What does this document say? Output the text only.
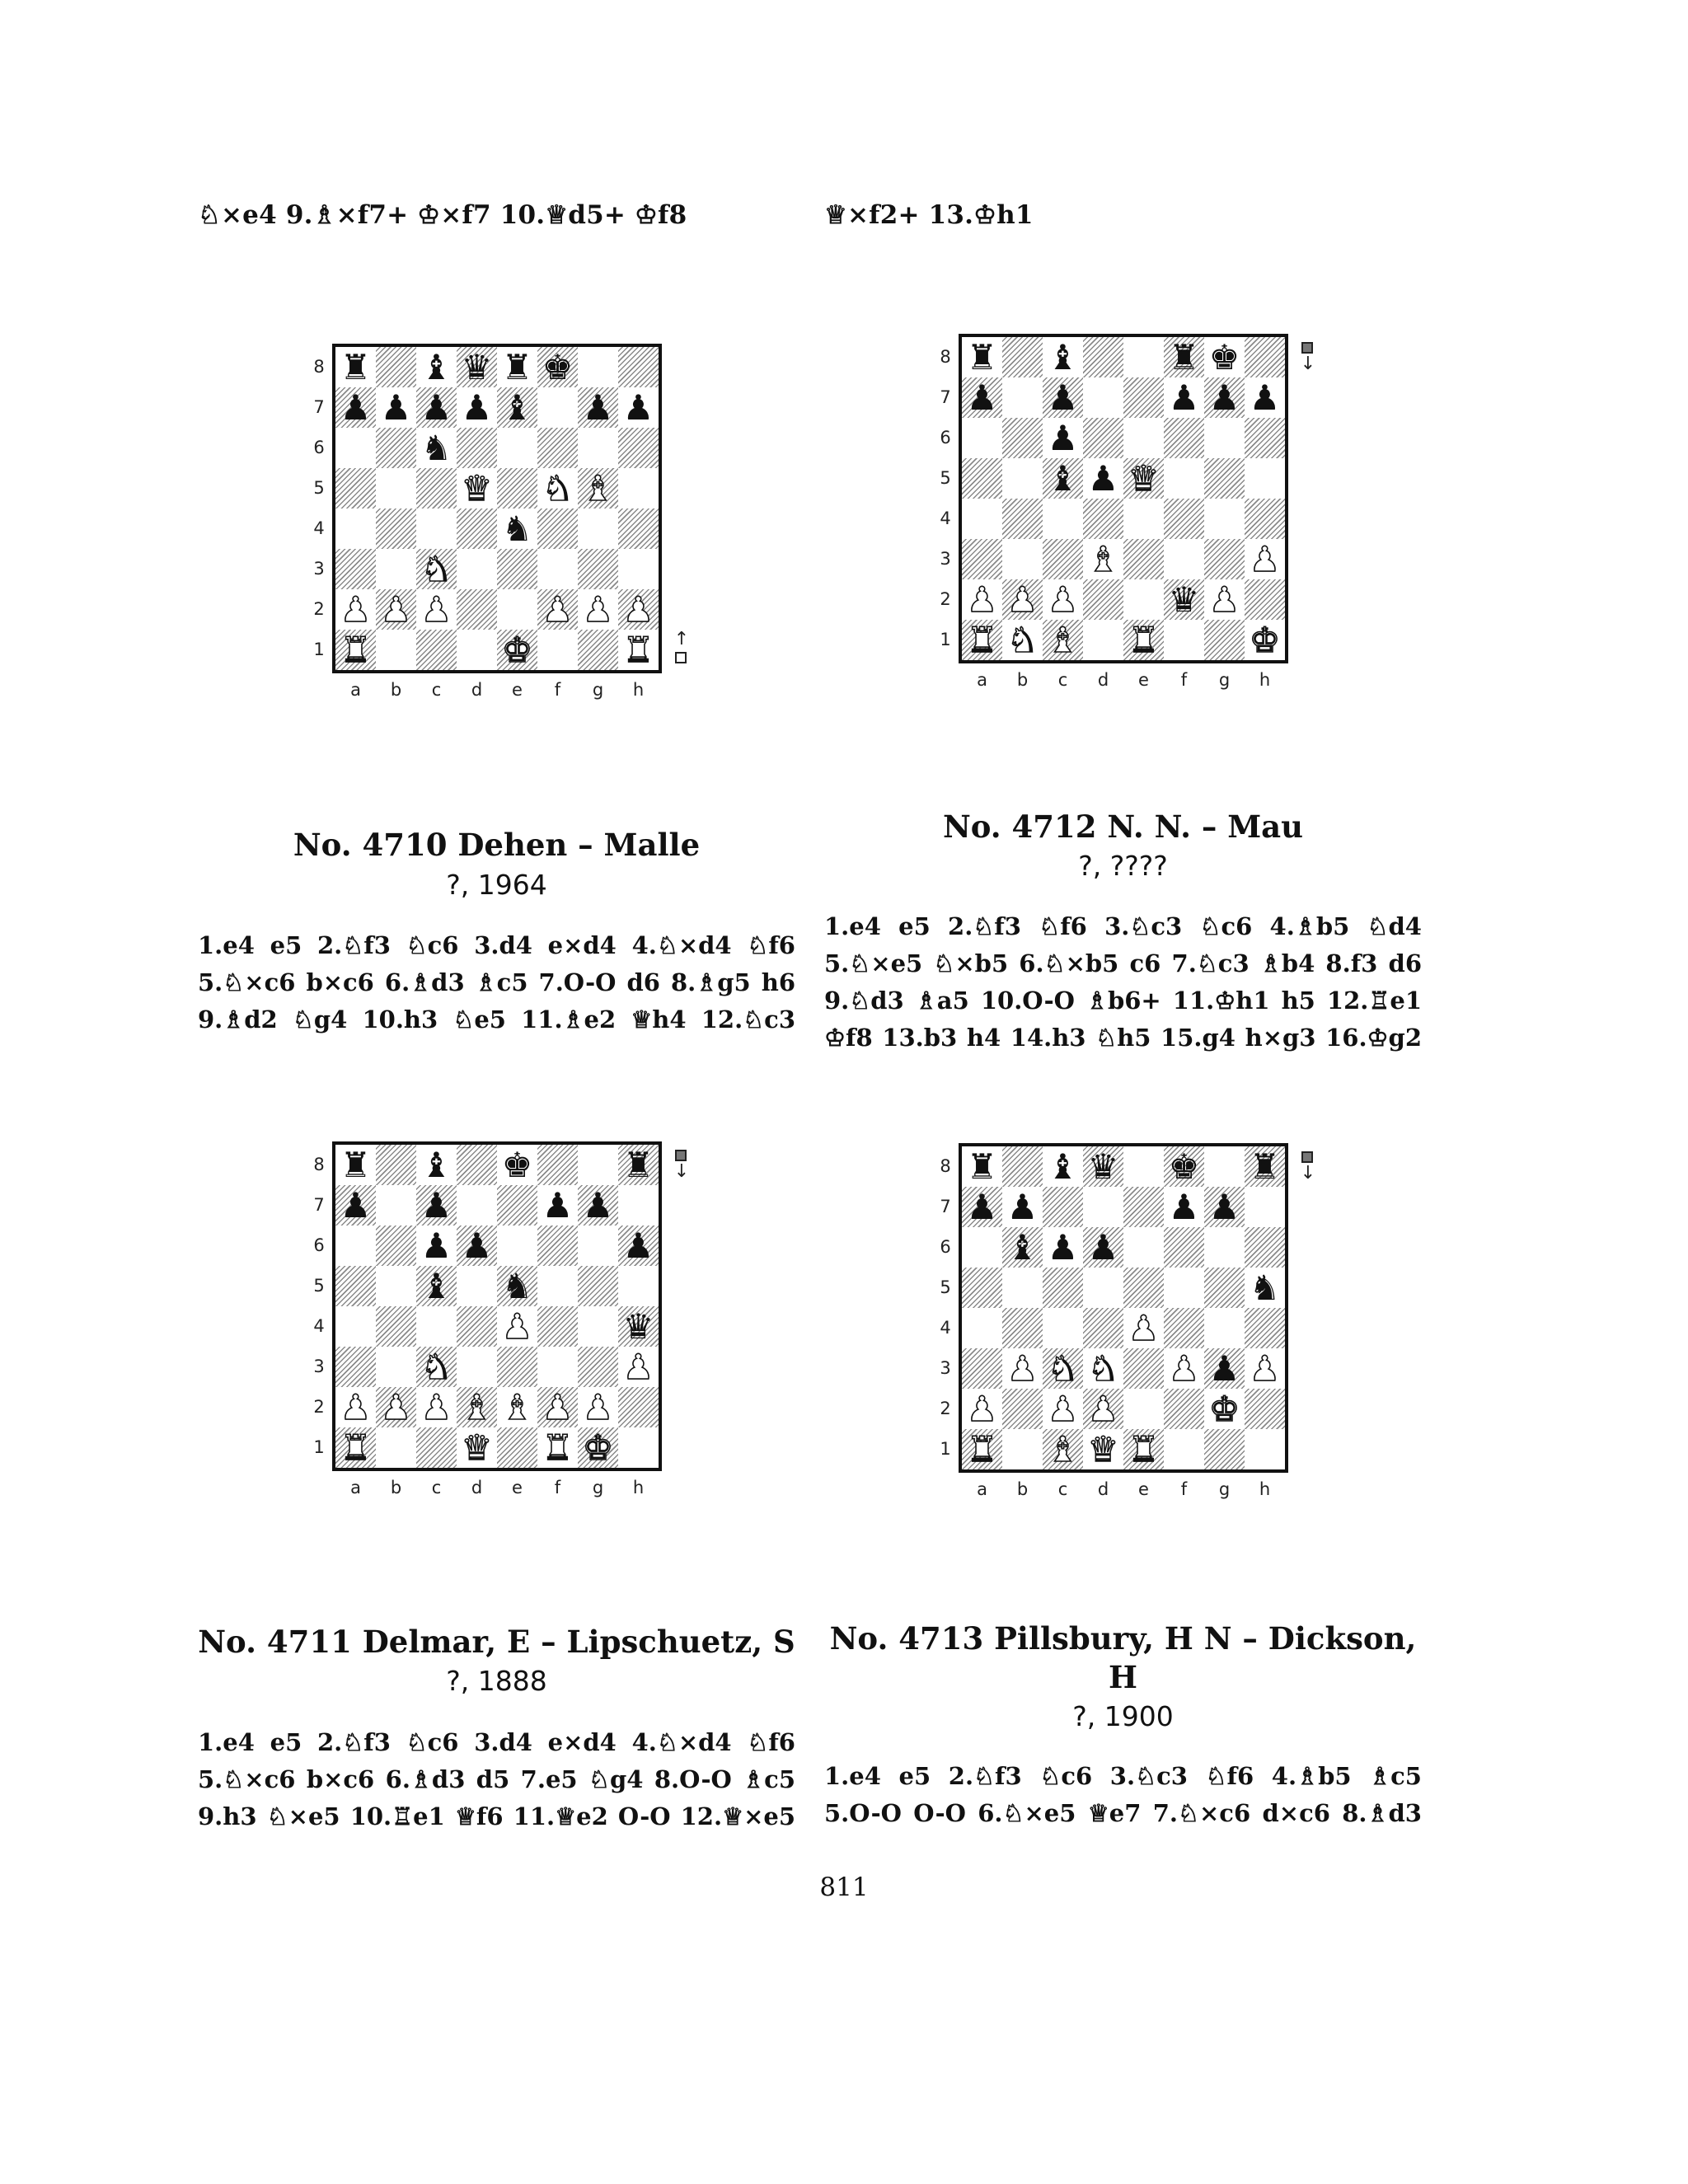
♘×e4 9.♗×f7+ ♔×f7 10.♕d5+ ♔f8	♕×f2+ 13.♔h1
♜ ♝ ♛ ♜ ♚
8
♟ ♟ ♟ ♟ ♝ ♟ ♟
7
♞
6
♛ ♞ ♝
5
♞
4
♞
3
♟ ♟ ♟	♟ ♟ ♟
2
♜	♚	♜
1
a	b	c	d	e	f	g	h
↑
♜ ♝	♜ ♚
8
♟ ♟	♟ ♟ ♟
7
♟
6
♝ ♟ ♛
5
4
♝	♟
3
♟ ♟ ♟	♛ ♟
2
♜ ♞ ♝ ♜	♚
1
a	b	c	d	e	f	g	h
↓
♜ ♝ ♚	♜
8
♟ ♟	♟ ♟
7
♟ ♟	♟
6
♝ ♞
5
♟	♛
4
♞	♟
3
♟ ♟ ♟ ♝ ♝ ♟ ♟
2
♜	♛ ♜ ♚
1
a	b	c	d	e	f	g	h
↓	♜ ♝ ♛ ♚ ♜
8
♟ ♟	♟ ♟
7
♝ ♟ ♟
6
♞
5
♟
4
♟ ♞ ♞ ♟ ♟ ♟
3
♟ ♟ ♟	♚
2
♜ ♝ ♛ ♜
1
a	b	c	d	e	f	g	h
↓
No. 4710 Dehen – Malle
?, 1964
1.e4 e5 2.♘f3 ♘c6 3.d4 e×d4 4.♘×d4 ♘f6
5.♘×c6 b×c6 6.♗d3 ♗c5 7.O-O d6 8.♗g5 h6
9.♗d2 ♘g4 10.h3 ♘e5 11.♗e2 ♕h4 12.♘c3
No. 4712 N. N. – Mau
?, ????
1.e4 e5 2.♘f3 ♘f6 3.♘c3 ♘c6 4.♗b5 ♘d4
5.♘×e5 ♘×b5 6.♘×b5 c6 7.♘c3 ♗b4 8.f3 d6
9.♘d3 ♗a5 10.O-O ♗b6+ 11.♔h1 h5 12.♖e1
♔f8 13.b3 h4 14.h3 ♘h5 15.g4 h×g3 16.♔g2
No. 4711 Delmar, E – Lipschuetz, S
?, 1888
1.e4 e5 2.♘f3 ♘c6 3.d4 e×d4 4.♘×d4 ♘f6
5.♘×c6 b×c6 6.♗d3 d5 7.e5 ♘g4 8.O-O ♗c5
9.h3 ♘×e5 10.♖e1 ♕f6 11.♕e2 O-O 12.♕×e5
No. 4713 Pillsbury, H N – Dickson,
H
?, 1900
1.e4 e5 2.♘f3 ♘c6 3.♘c3 ♘f6 4.♗b5 ♗c5
5.O-O O-O 6.♘×e5 ♕e7 7.♘×c6 d×c6 8.♗d3
811
